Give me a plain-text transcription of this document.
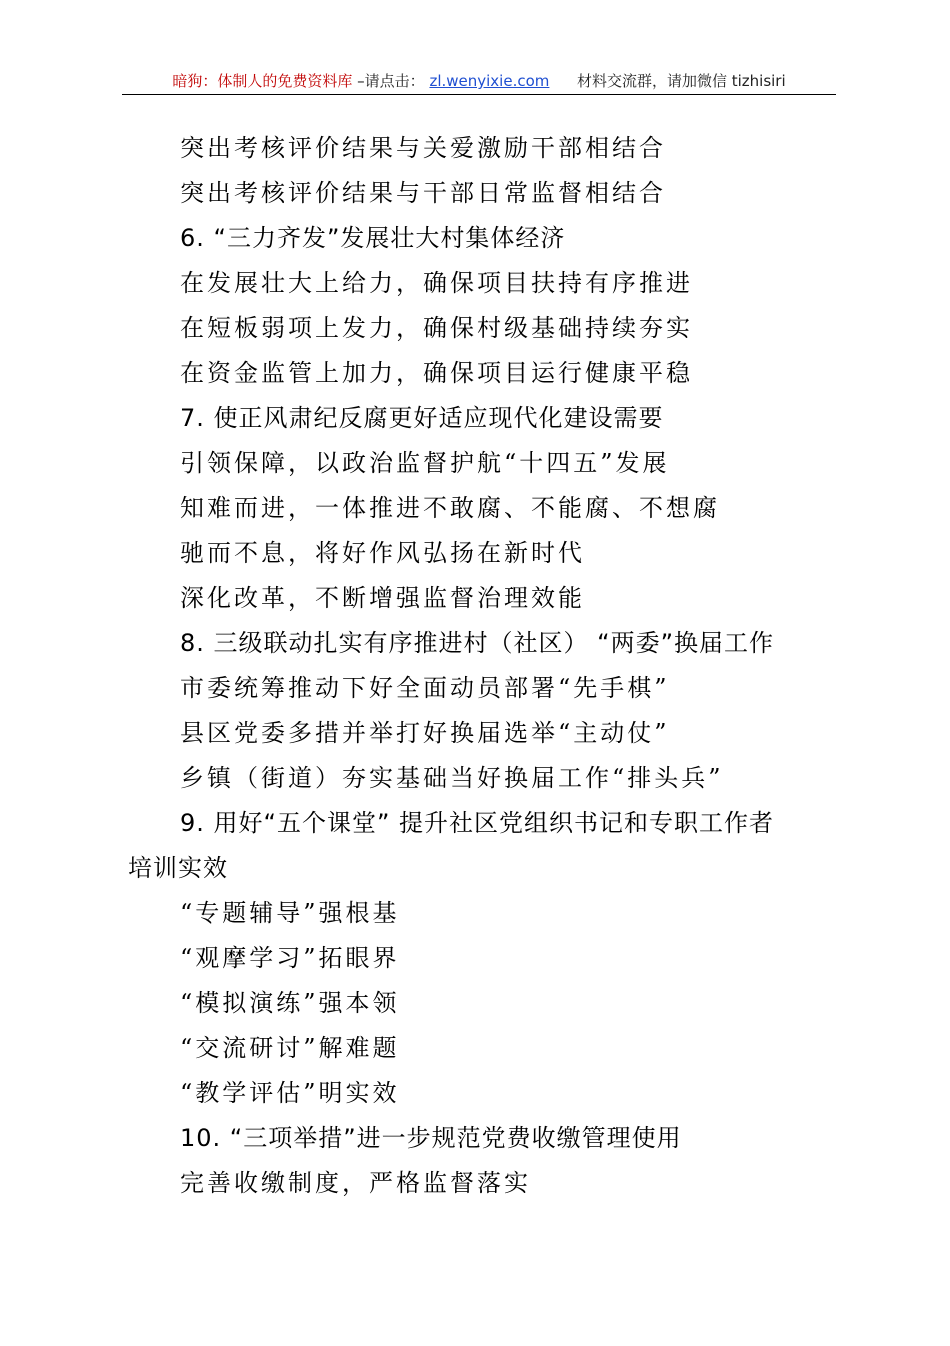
暗狗：体制人的免费资料库 –请点击： zl.wenyixie.com 材料交流群，请加微信 tizhisiri
突出考核评价结果与关爱激励干部相结合
突出考核评价结果与干部日常监督相结合
6. “三力齐发”发展壮大村集体经济
在发展壮大上给力，确保项目扶持有序推进
在短板弱项上发力，确保村级基础持续夯实
在资金监管上加力，确保项目运行健康平稳
7. 使正风肃纪反腐更好适应现代化建设需要
引领保障，以政治监督护航“十四五”发展
知难而进，一体推进不敢腐、不能腐、不想腐
驰而不息，将好作风弘扬在新时代
深化改革，不断增强监督治理效能
8. 三级联动扎实有序推进村（社区） “两委”换届工作
市委统筹推动下好全面动员部署“先手棋”
县区党委多措并举打好换届选举“主动仗”
乡镇（街道）夯实基础当好换届工作“排头兵”
9. 用好“五个课堂” 提升社区党组织书记和专职工作者
培训实效
“专题辅导”强根基
“观摩学习”拓眼界
“模拟演练”强本领
“交流研讨”解难题
“教学评估”明实效
10. “三项举措”进一步规范党费收缴管理使用
完善收缴制度，严格监督落实
